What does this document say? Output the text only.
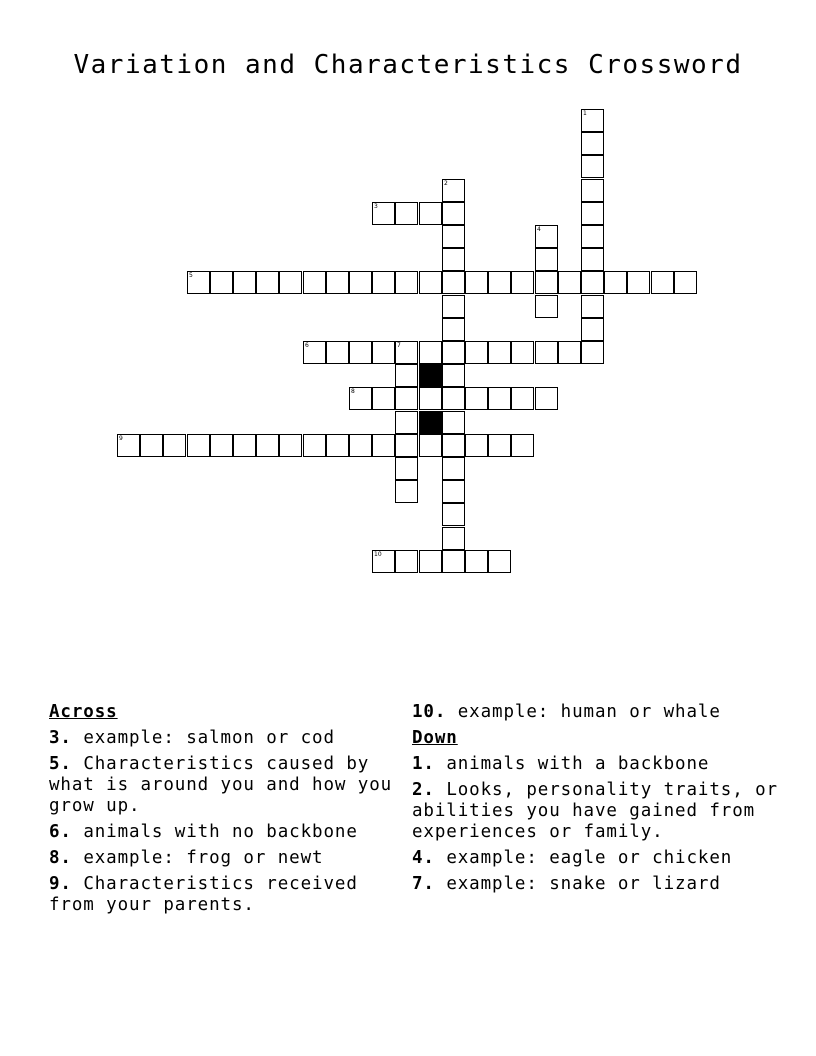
Variation and Characteristics Crossword
1
2
3
4
5
6	7
8
9
10
Across
3. example: salmon or cod
5. Characteristics caused by what is around you and how you grow up.
6. animals with no backbone
8. example: frog or newt
9. Characteristics received from your parents.
10. example: human or whale
Down
1. animals with a backbone
2. Looks, personality traits, or abilities you have gained from experiences or family.
4. example: eagle or chicken
7. example: snake or lizard
